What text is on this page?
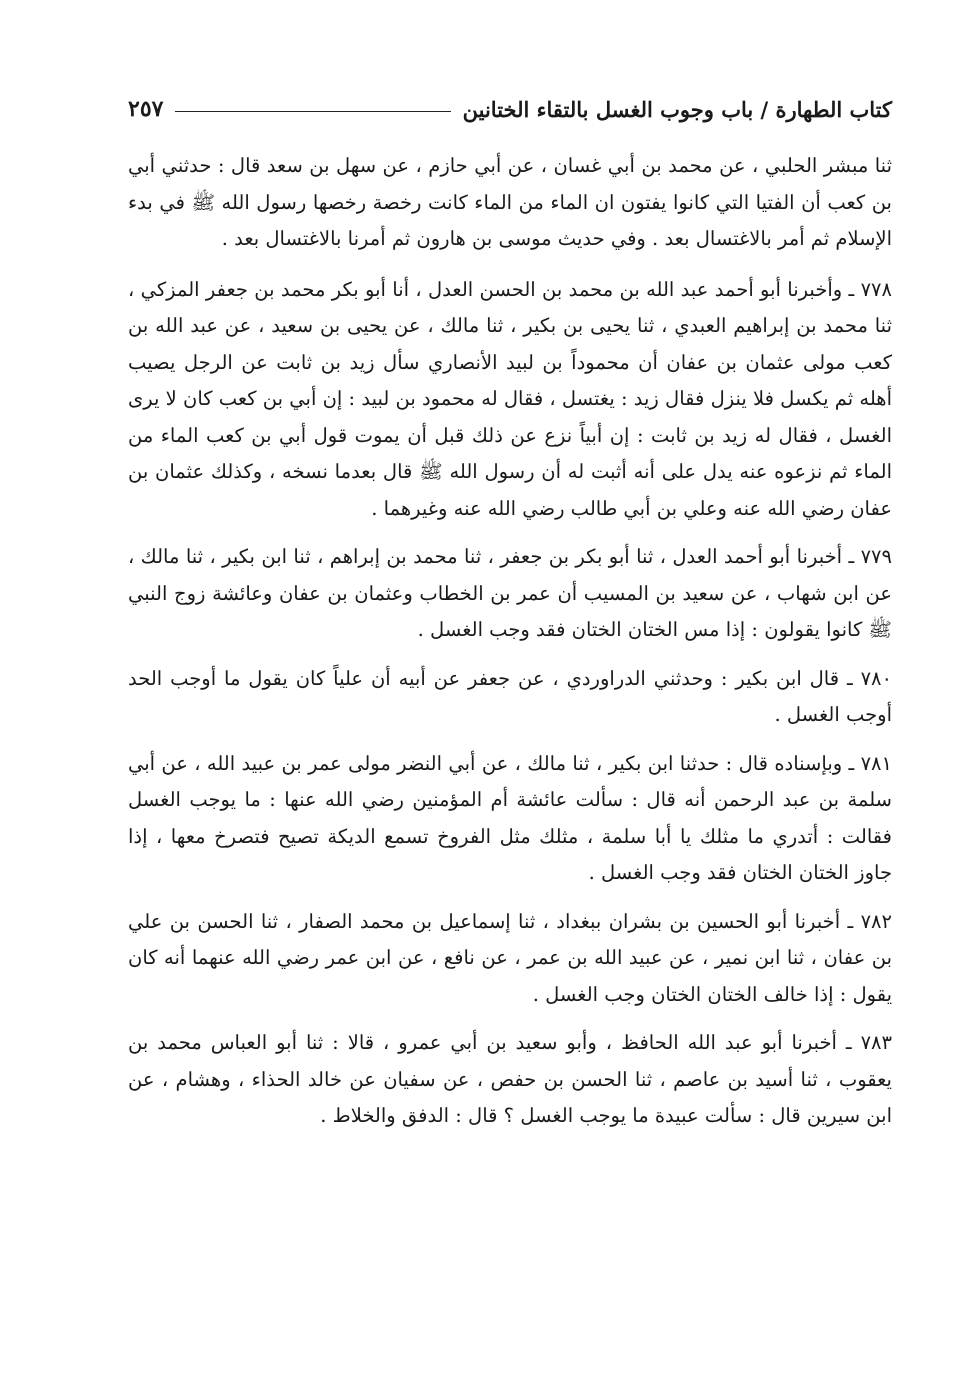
كتاب الطهارة / باب وجوب الغسل بالتقاء الختانين
٢٥٧

ثنا مبشر الحلبي ، عن محمد بن أبي غسان ، عن أبي حازم ، عن سهل بن سعد قال : حدثني أبي بن كعب أن الفتيا التي كانوا يفتون ان الماء من الماء كانت رخصة رخصها رسول الله ﷺ في بدء الإسلام ثم أمر بالاغتسال بعد . وفي حديث موسى بن هارون ثم أمرنا بالاغتسال بعد .

٧٧٨ ـ وأخبرنا أبو أحمد عبد الله بن محمد بن الحسن العدل ، أنا أبو بكر محمد بن جعفر المزكي ، ثنا محمد بن إبراهيم العبدي ، ثنا يحيى بن بكير ، ثنا مالك ، عن يحيى بن سعيد ، عن عبد الله بن كعب مولى عثمان بن عفان أن محموداً بن لبيد الأنصاري سأل زيد بن ثابت عن الرجل يصيب أهله ثم يكسل فلا ينزل فقال زيد : يغتسل ، فقال له محمود بن لبيد : إن أبي بن كعب كان لا يرى الغسل ، فقال له زيد بن ثابت : إن أبياً نزع عن ذلك قبل أن يموت قول أبي بن كعب الماء من الماء ثم نزعوه عنه يدل على أنه أثبت له أن رسول الله ﷺ قال بعدما نسخه ، وكذلك عثمان بن عفان رضي الله عنه وعلي بن أبي طالب رضي الله عنه وغيرهما .

٧٧٩ ـ أخبرنا أبو أحمد العدل ، ثنا أبو بكر بن جعفر ، ثنا محمد بن إبراهم ، ثنا ابن بكير ، ثنا مالك ، عن ابن شهاب ، عن سعيد بن المسيب أن عمر بن الخطاب وعثمان بن عفان وعائشة زوج النبي ﷺ كانوا يقولون : إذا مس الختان الختان فقد وجب الغسل .

٧٨٠ ـ قال ابن بكير : وحدثني الدراوردي ، عن جعفر عن أبيه أن علياً كان يقول ما أوجب الحد أوجب الغسل .

٧٨١ ـ وبإسناده قال : حدثنا ابن بكير ، ثنا مالك ، عن أبي النضر مولى عمر بن عبيد الله ، عن أبي سلمة بن عبد الرحمن أنه قال : سألت عائشة أم المؤمنين رضي الله عنها : ما يوجب الغسل فقالت : أتدري ما مثلك يا أبا سلمة ، مثلك مثل الفروخ تسمع الديكة تصيح فتصرخ معها ، إذا جاوز الختان الختان فقد وجب الغسل .

٧٨٢ ـ أخبرنا أبو الحسين بن بشران ببغداد ، ثنا إسماعيل بن محمد الصفار ، ثنا الحسن بن علي بن عفان ، ثنا ابن نمير ، عن عبيد الله بن عمر ، عن نافع ، عن ابن عمر رضي الله عنهما أنه كان يقول : إذا خالف الختان الختان وجب الغسل .

٧٨٣ ـ أخبرنا أبو عبد الله الحافظ ، وأبو سعيد بن أبي عمرو ، قالا : ثنا أبو العباس محمد بن يعقوب ، ثنا أسيد بن عاصم ، ثنا الحسن بن حفص ، عن سفيان عن خالد الحذاء ، وهشام ، عن ابن سيرين قال : سألت عبيدة ما يوجب الغسل ؟ قال : الدفق والخلاط .
